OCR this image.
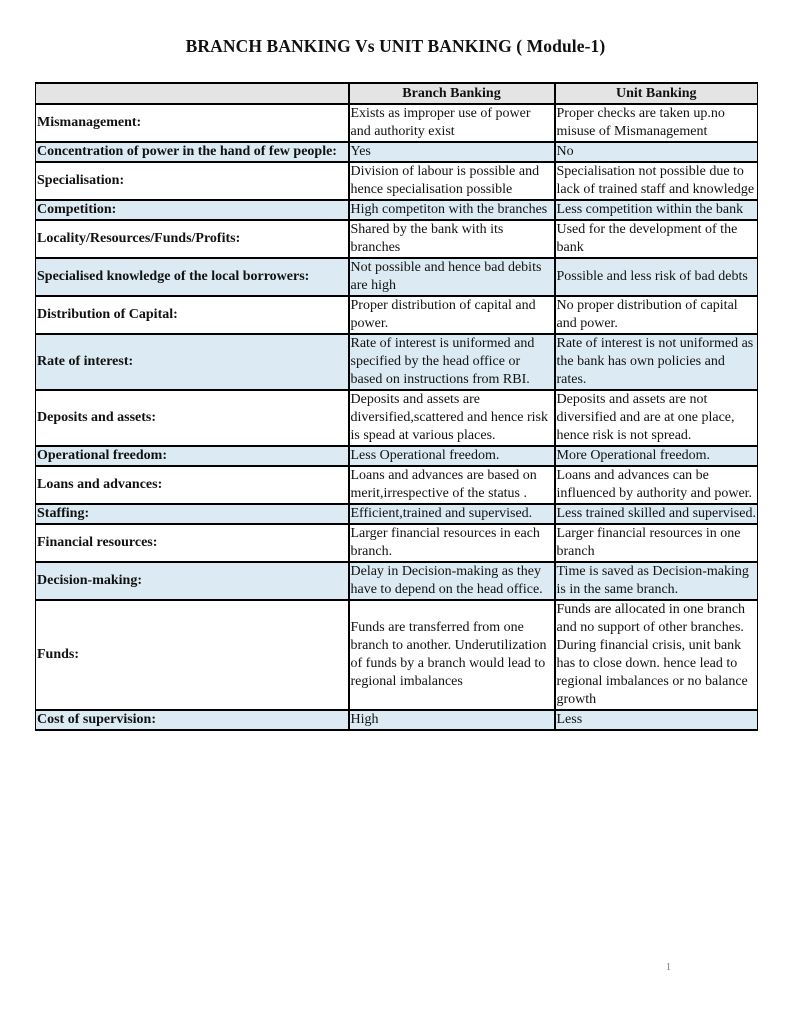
BRANCH BANKING Vs UNIT BANKING ( Module-1)
	Branch Banking	Unit Banking
Mismanagement:	Exists as improper use of power and authority exist	Proper checks are taken up.no misuse of Mismanagement
Concentration of power in the hand of few people:	Yes	No
Specialisation:	Division of labour is possible and hence specialisation possible	Specialisation not possible due to lack of trained staff and knowledge
Competition:	High competiton with the branches	Less competition within the bank
Locality/Resources/Funds/Profits:	Shared by the bank with its branches	Used for the development of the bank
Specialised knowledge of the local borrowers:	Not possible and hence bad debits are high	Possible and less risk of bad debts
Distribution of Capital:	Proper distribution of capital and power.	No proper distribution of capital and power.
Rate of interest:	Rate of interest is uniformed and specified by the head office or based on instructions from RBI.	Rate of interest is not uniformed as the bank has own policies and rates.
Deposits and assets:	Deposits and assets are diversified,scattered and hence risk is spead at various places.	Deposits and assets are not diversified and are at one place, hence risk is not spread.
Operational freedom:	Less Operational freedom.	More Operational freedom.
Loans and advances:	Loans and advances are based on merit,irrespective of the status .	Loans and advances can be influenced by authority and power.
Staffing:	Efficient,trained and supervised.	Less trained skilled and supervised.
Financial resources:	Larger financial resources in each branch.	Larger financial resources in one branch
Decision-making:	Delay in Decision-making as they have to depend on the head office.	Time is saved as Decision-making is in the same branch.
Funds:	Funds are transferred from one branch to another. Underutilization of funds by a branch would lead to regional imbalances	Funds are allocated in one branch and no support of other branches. During financial crisis, unit bank has to close down. hence lead to regional imbalances or no balance growth
Cost of supervision:	High	Less
1
